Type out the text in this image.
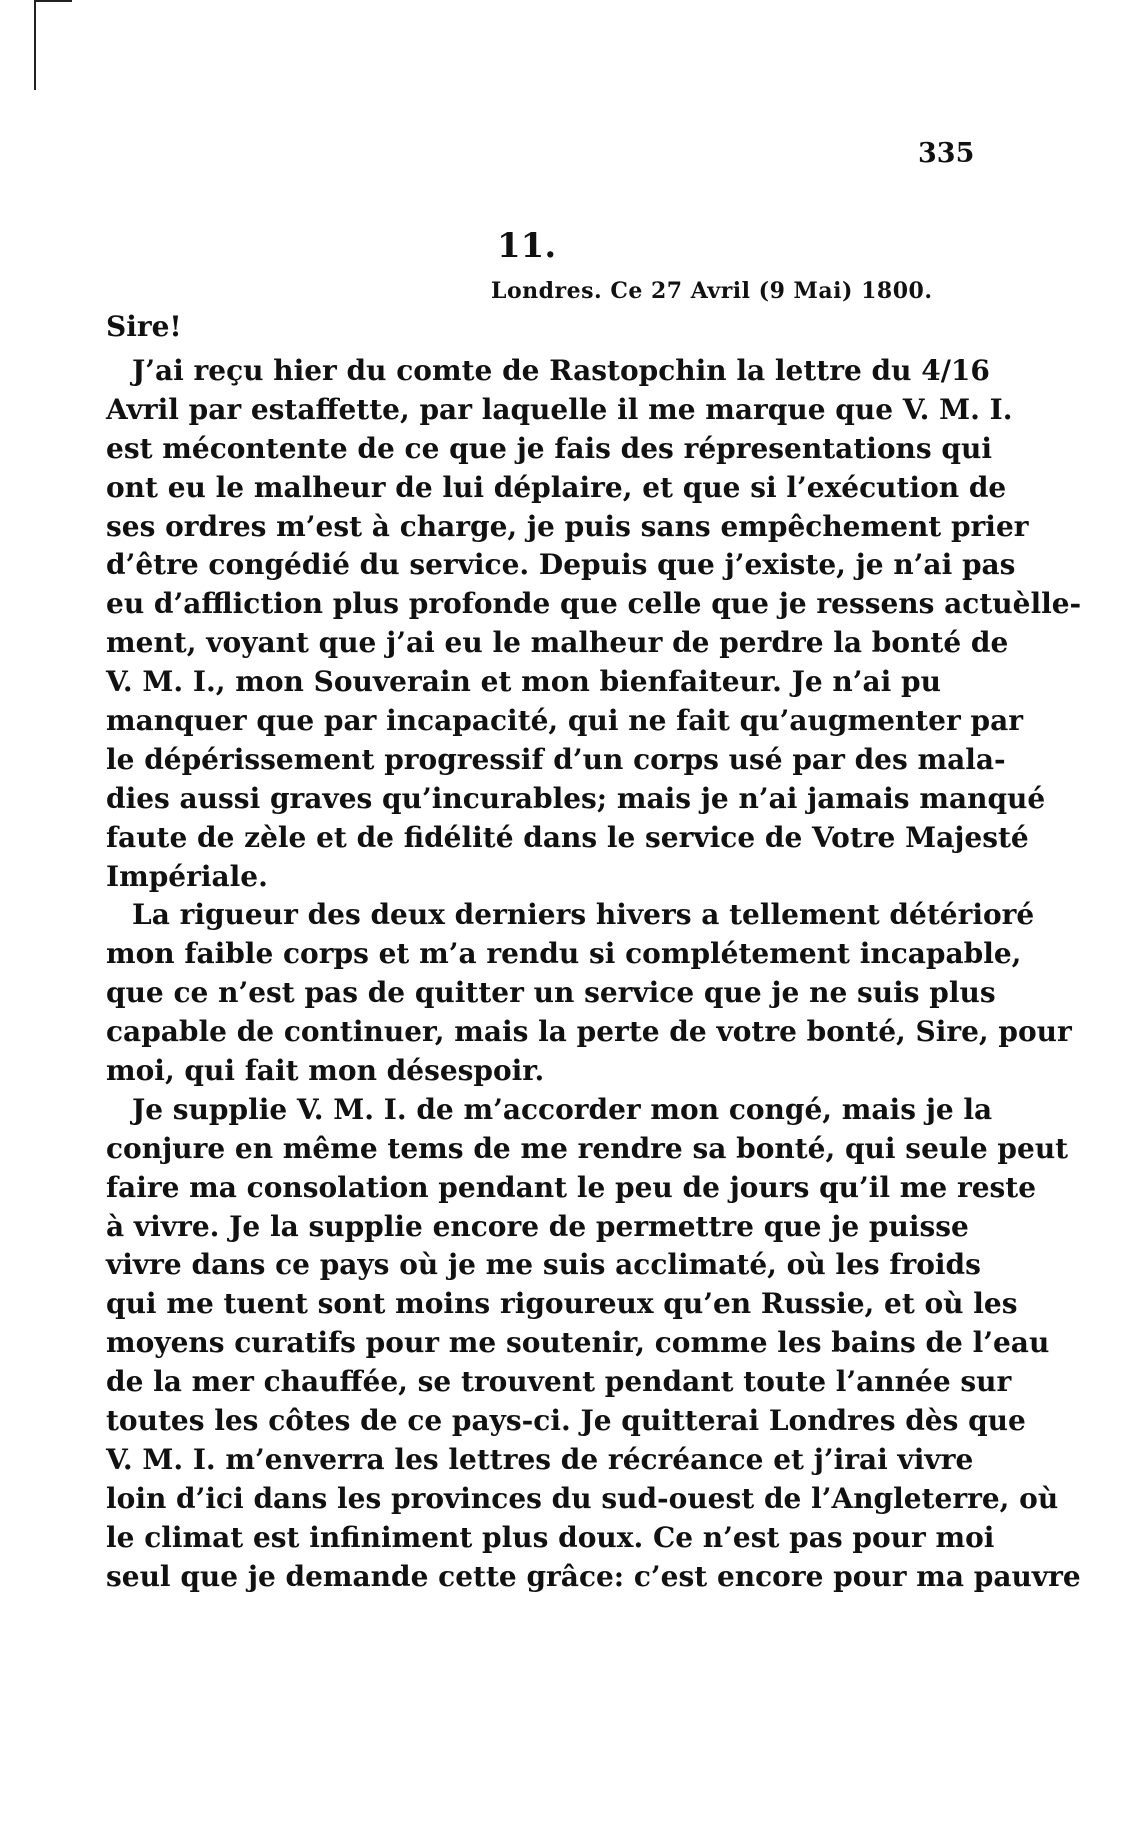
335
11.
Londres. Ce 27 Avril (9 Mai) 1800.
Sire!
J’ai reçu hier du comte de Rastopchin la lettre du 4/16
Avril par estaffette, par laquelle il me marque que V. M. I.
est mécontente de ce que je fais des répresentations qui
ont eu le malheur de lui déplaire, et que si l’exécution de
ses ordres m’est à charge, je puis sans empêchement prier
d’être congédié du service. Depuis que j’existe, je n’ai pas
eu d’affliction plus profonde que celle que je ressens actuèlle-
ment, voyant que j’ai eu le malheur de perdre la bonté de
V. M. I., mon Souverain et mon bienfaiteur. Je n’ai pu
manquer que par incapacité, qui ne fait qu’augmenter par
le dépérissement progressif d’un corps usé par des mala-
dies aussi graves qu’incurables; mais je n’ai jamais manqué
faute de zèle et de fidélité dans le service de Votre Majesté
Impériale.
La rigueur des deux derniers hivers a tellement détérioré
mon faible corps et m’a rendu si complétement incapable,
que ce n’est pas de quitter un service que je ne suis plus
capable de continuer, mais la perte de votre bonté, Sire, pour
moi, qui fait mon désespoir.
Je supplie V. M. I. de m’accorder mon congé, mais je la
conjure en même tems de me rendre sa bonté, qui seule peut
faire ma consolation pendant le peu de jours qu’il me reste
à vivre. Je la supplie encore de permettre que je puisse
vivre dans ce pays où je me suis acclimaté, où les froids
qui me tuent sont moins rigoureux qu’en Russie, et où les
moyens curatifs pour me soutenir, comme les bains de l’eau
de la mer chauffée, se trouvent pendant toute l’année sur
toutes les côtes de ce pays-ci. Je quitterai Londres dès que
V. M. I. m’enverra les lettres de récréance et j’irai vivre
loin d’ici dans les provinces du sud-ouest de l’Angleterre, où
le climat est infiniment plus doux. Ce n’est pas pour moi
seul que je demande cette grâce: c’est encore pour ma pauvre
